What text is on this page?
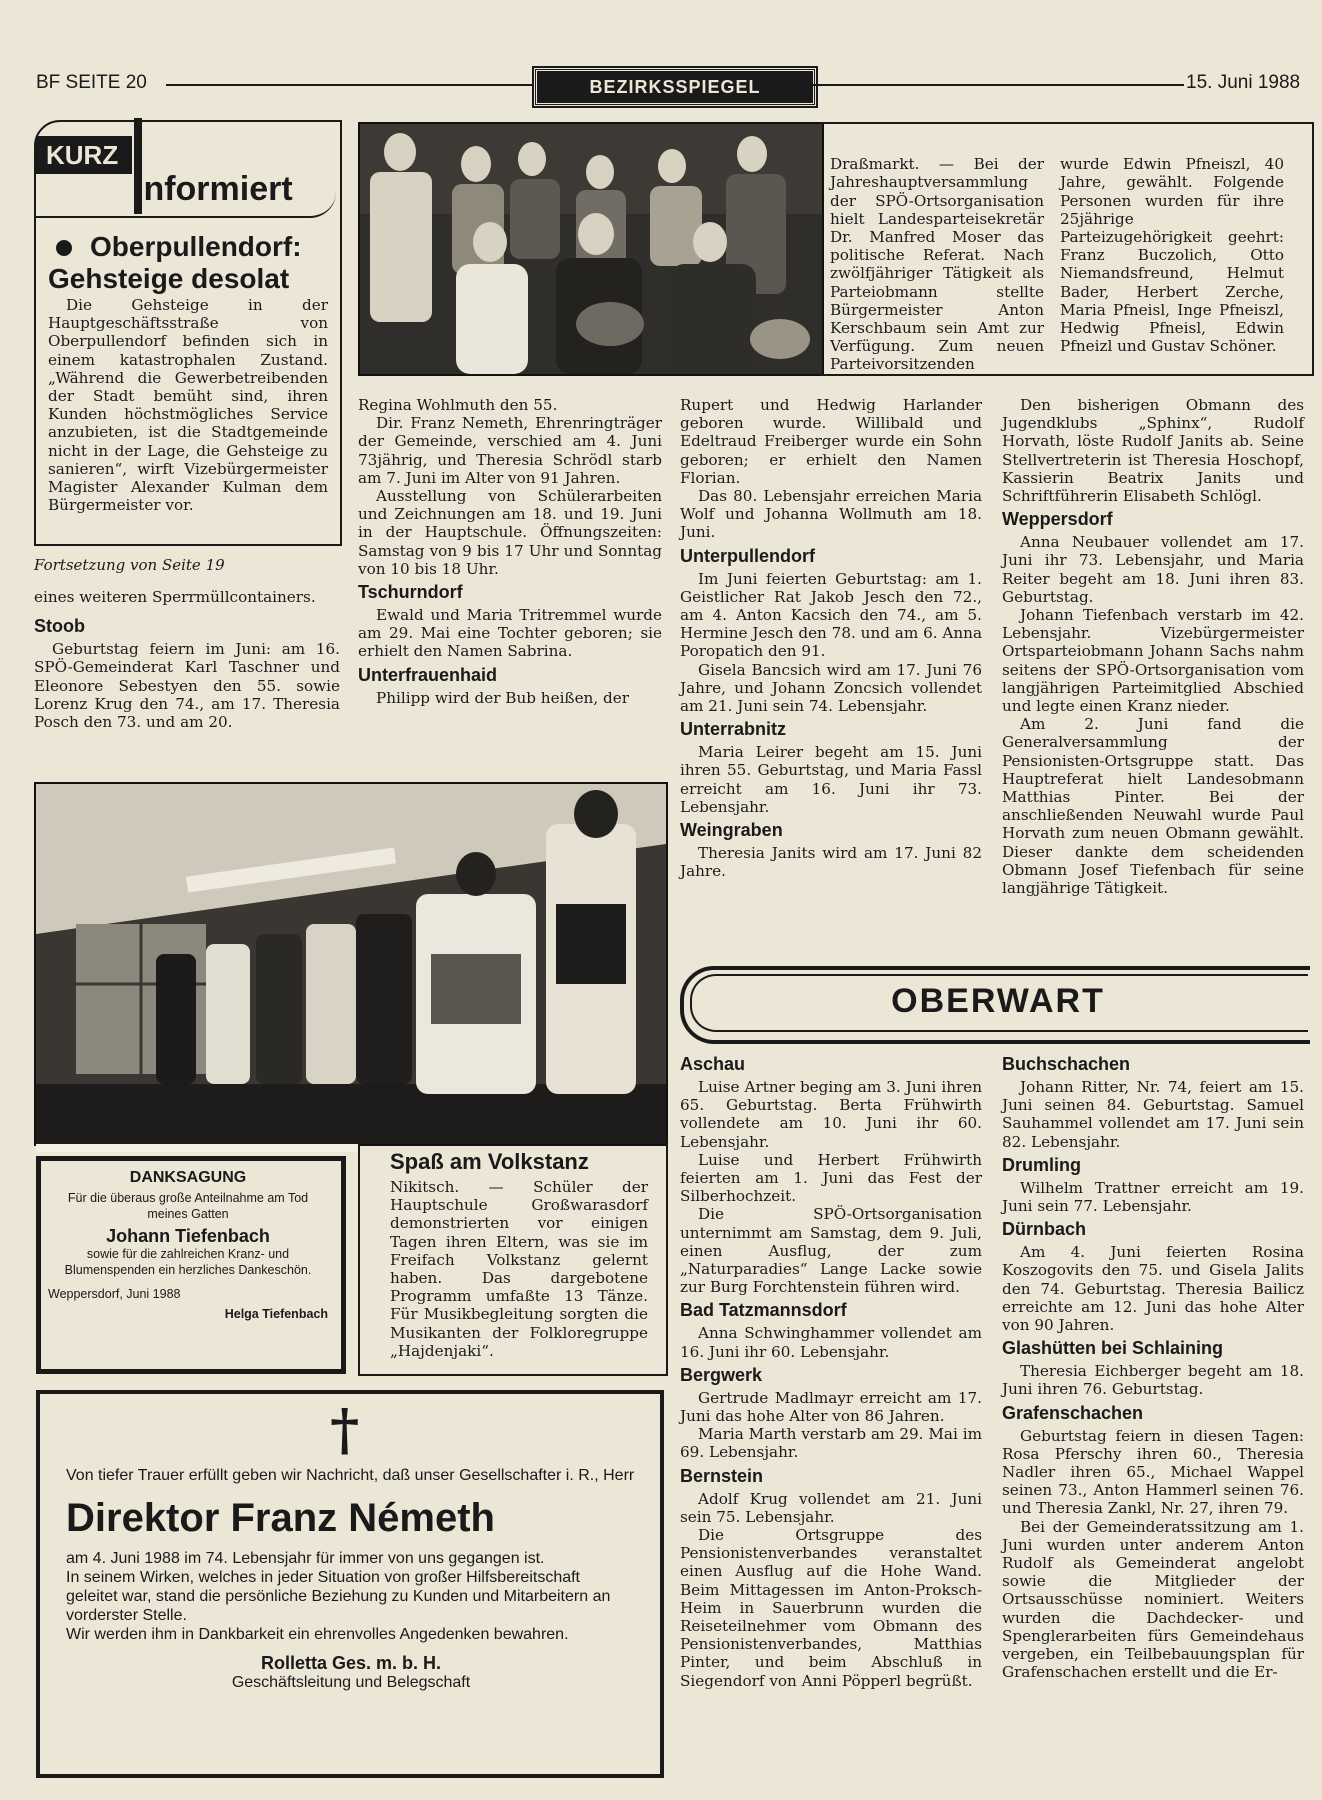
BF SEITE 20	BEZIRKSSPIEGEL	15. Juni 1988
KURZ
Informiert
Oberpullendorf:
Gehsteige desolat

Die Gehsteige in der Hauptgeschäftsstraße von Oberpullendorf befinden sich in einem katastrophalen Zustand. „Während die Gewerbetreibenden der Stadt bemüht sind, ihren Kunden höchstmögliches Service anzubieten, ist die Stadtgemeinde nicht in der Lage, die Gehsteige zu sanieren“, wirft Vizebürgermeister Magister Alexander Kulman dem Bürgermeister vor.

Fortsetzung von Seite 19

eines weiteren Sperrmüllcontainers.

Stoob

Geburtstag feiern im Juni: am 16. SPÖ-Gemeinderat Karl Taschner und Eleonore Sebestyen den 55. sowie Lorenz Krug den 74., am 17. Theresia Posch den 73. und am 20.

Draßmarkt. — Bei der Jahreshauptversammlung der SPÖ-Ortsorganisation hielt Landesparteisekretär Dr. Manfred Moser das politische Referat. Nach zwölfjähriger Tätigkeit als Parteiobmann stellte Bürgermeister Anton Kerschbaum sein Amt zur Verfügung. Zum neuen Parteivorsitzenden

wurde Edwin Pfneiszl, 40 Jahre, gewählt. Folgende Personen wurden für ihre 25jährige Parteizugehörigkeit geehrt: Franz Buczolich, Otto Niemandsfreund, Helmut Bader, Herbert Zerche, Maria Pfneisl, Inge Pfneiszl, Hedwig Pfneisl, Edwin Pfneizl und Gustav Schöner.

Regina Wohlmuth den 55.

Dir. Franz Nemeth, Ehrenringträger der Gemeinde, verschied am 4. Juni 73jährig, und Theresia Schrödl starb am 7. Juni im Alter von 91 Jahren.

Ausstellung von Schülerarbeiten und Zeichnungen am 18. und 19. Juni in der Hauptschule. Öffnungszeiten: Samstag von 9 bis 17 Uhr und Sonntag von 10 bis 18 Uhr.

Tschurndorf

Ewald und Maria Tritremmel wurde am 29. Mai eine Tochter geboren; sie erhielt den Namen Sabrina.

Unterfrauenhaid

Philipp wird der Bub heißen, der

Rupert und Hedwig Harlander geboren wurde. Willibald und Edeltraud Freiberger wurde ein Sohn geboren; er erhielt den Namen Florian.

Das 80. Lebensjahr erreichen Maria Wolf und Johanna Wollmuth am 18. Juni.

Unterpullendorf

Im Juni feierten Geburtstag: am 1. Geistlicher Rat Jakob Jesch den 72., am 4. Anton Kacsich den 74., am 5. Hermine Jesch den 78. und am 6. Anna Poropatich den 91.

Gisela Bancsich wird am 17. Juni 76 Jahre, und Johann Zoncsich vollendet am 21. Juni sein 74. Lebensjahr.

Unterrabnitz

Maria Leirer begeht am 15. Juni ihren 55. Geburtstag, und Maria Fassl erreicht am 16. Juni ihr 73. Lebensjahr.

Weingraben

Theresia Janits wird am 17. Juni 82 Jahre.

Den bisherigen Obmann des Jugendklubs „Sphinx“, Rudolf Horvath, löste Rudolf Janits ab. Seine Stellvertreterin ist Theresia Hoschopf, Kassierin Beatrix Janits und Schriftführerin Elisabeth Schlögl.

Weppersdorf

Anna Neubauer vollendet am 17. Juni ihr 73. Lebensjahr, und Maria Reiter begeht am 18. Juni ihren 83. Geburtstag.

Johann Tiefenbach verstarb im 42. Lebensjahr. Vizebürgermeister Ortsparteiobmann Johann Sachs nahm seitens der SPÖ-Ortsorganisation vom langjährigen Parteimitglied Abschied und legte einen Kranz nieder.

Am 2. Juni fand die Generalversammlung der Pensionisten-Ortsgruppe statt. Das Hauptreferat hielt Landesobmann Matthias Pinter. Bei der anschließenden Neuwahl wurde Paul Horvath zum neuen Obmann gewählt. Dieser dankte dem scheidenden Obmann Josef Tiefenbach für seine langjährige Tätigkeit.

Spaß am Volkstanz

Nikitsch. — Schüler der Hauptschule Großwarasdorf demonstrierten vor einigen Tagen ihren Eltern, was sie im Freifach Volkstanz gelernt haben. Das dargebotene Programm umfaßte 13 Tänze. Für Musikbegleitung sorgten die Musikanten der Folkloregruppe „Hajdenjaki“.

DANKSAGUNG
Für die überaus große Anteilnahme am Tod meines Gatten
Johann Tiefenbach
sowie für die zahlreichen Kranz- und Blumenspenden ein herzliches Dankeschön.
Weppersdorf, Juni 1988
Helga Tiefenbach
†
Von tiefer Trauer erfüllt geben wir Nachricht, daß unser Gesellschafter i. R., Herr
Direktor Franz Németh
am 4. Juni 1988 im 74. Lebensjahr für immer von uns gegangen ist.
In seinem Wirken, welches in jeder Situation von großer Hilfsbereitschaft geleitet war, stand die persönliche Beziehung zu Kunden und Mitarbeitern an vorderster Stelle.
Wir werden ihm in Dankbarkeit ein ehrenvolles Angedenken bewahren.
Rolletta Ges. m. b. H.
Geschäftsleitung und Belegschaft
OBERWART
Aschau

Luise Artner beging am 3. Juni ihren 65. Geburtstag. Berta Frühwirth vollendete am 10. Juni ihr 60. Lebensjahr.

Luise und Herbert Frühwirth feierten am 1. Juni das Fest der Silberhochzeit.

Die SPÖ-Ortsorganisation unternimmt am Samstag, dem 9. Juli, einen Ausflug, der zum „Naturparadies“ Lange Lacke sowie zur Burg Forchtenstein führen wird.

Bad Tatzmannsdorf

Anna Schwinghammer vollendet am 16. Juni ihr 60. Lebensjahr.

Bergwerk

Gertrude Madlmayr erreicht am 17. Juni das hohe Alter von 86 Jahren.

Maria Marth verstarb am 29. Mai im 69. Lebensjahr.

Bernstein

Adolf Krug vollendet am 21. Juni sein 75. Lebensjahr.

Die Ortsgruppe des Pensionistenverbandes veranstaltet einen Ausflug auf die Hohe Wand. Beim Mittagessen im Anton-Proksch-Heim in Sauerbrunn wurden die Reiseteilnehmer vom Obmann des Pensionistenverbandes, Matthias Pinter, und beim Abschluß in Siegendorf von Anni Pöpperl begrüßt.

Buchschachen

Johann Ritter, Nr. 74, feiert am 15. Juni seinen 84. Geburtstag. Samuel Sauhammel vollendet am 17. Juni sein 82. Lebensjahr.

Drumling

Wilhelm Trattner erreicht am 19. Juni sein 77. Lebensjahr.

Dürnbach

Am 4. Juni feierten Rosina Koszogovits den 75. und Gisela Jalits den 74. Geburtstag. Theresia Bailicz erreichte am 12. Juni das hohe Alter von 90 Jahren.

Glashütten bei Schlaining

Theresia Eichberger begeht am 18. Juni ihren 76. Geburtstag.

Grafenschachen

Geburtstag feiern in diesen Tagen: Rosa Pferschy ihren 60., Theresia Nadler ihren 65., Michael Wappel seinen 73., Anton Hammerl seinen 76. und Theresia Zankl, Nr. 27, ihren 79.

Bei der Gemeinderatssitzung am 1. Juni wurden unter anderem Anton Rudolf als Gemeinderat angelobt sowie die Mitglieder der Ortsausschüsse nominiert. Weiters wurden die Dachdecker- und Spenglerarbeiten fürs Gemeindehaus vergeben, ein Teilbebauungsplan für Grafenschachen erstellt und die Er-
